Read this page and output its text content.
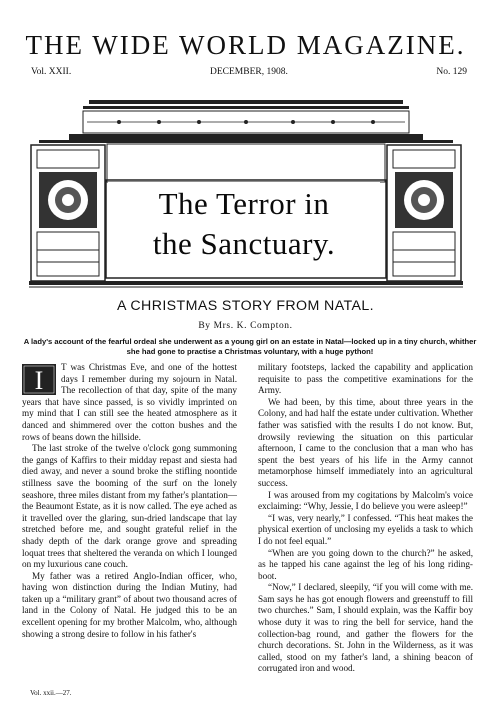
THE WIDE WORLD MAGAZINE.
Vol. XXII.	DECEMBER, 1908.	No. 129
The Terror in
the Sanctuary.
A CHRISTMAS STORY FROM NATAL.
By Mrs. K. Compton.
A lady's account of the fearful ordeal she underwent as a young girl on an estate in Natal—locked up in a tiny church, whither she had gone to practise a Christmas voluntary, with a huge python!
I	T was Christmas Eve, and one of the hottest days I remember during my sojourn in Natal. The recollection of that day, spite of the many years that have since passed, is so vividly imprinted on my mind that I can still see the heated atmosphere as it danced and shimmered over the cotton bushes and the rows of beans down the hillside.

The last stroke of the twelve o'clock gong summoning the gangs of Kaffirs to their midday repast and siesta had died away, and never a sound broke the stifling noontide stillness save the booming of the surf on the lonely seashore, three miles distant from my father's plantation—the Beaumont Estate, as it is now called. The eye ached as it travelled over the glaring, sun-dried landscape that lay stretched before me, and sought grateful relief in the shady depth of the dark orange grove and spreading loquat trees that sheltered the veranda on which I lounged on my luxurious cane couch.

My father was a retired Anglo-Indian officer, who, having won distinction during the Indian Mutiny, had taken up a “military grant” of about two thousand acres of land in the Colony of Natal. He judged this to be an excellent opening for my brother Malcolm, who, although showing a strong desire to follow in his father's

military footsteps, lacked the capability and application requisite to pass the competitive examinations for the Army.

We had been, by this time, about three years in the Colony, and had half the estate under cultivation. Whether father was satisfied with the results I do not know. But, drowsily reviewing the situation on this particular afternoon, I came to the conclusion that a man who has spent the best years of his life in the Army cannot metamorphose himself immediately into an agricultural success.

I was aroused from my cogitations by Malcolm's voice exclaiming: “Why, Jessie, I do believe you were asleep!”

“I was, very nearly,” I confessed. “This heat makes the physical exertion of unclosing my eyelids a task to which I do not feel equal.”

“When are you going down to the church?” he asked, as he tapped his cane against the leg of his long riding-boot.

“Now,” I declared, sleepily, “if you will come with me. Sam says he has got enough flowers and greenstuff to fill two churches.” Sam, I should explain, was the Kaffir boy whose duty it was to ring the bell for service, hand the collection-bag round, and gather the flowers for the church decorations. St. John in the Wilderness, as it was called, stood on my father's land, a shining beacon of corrugated iron and wood.

Vol. xxii.—27.
